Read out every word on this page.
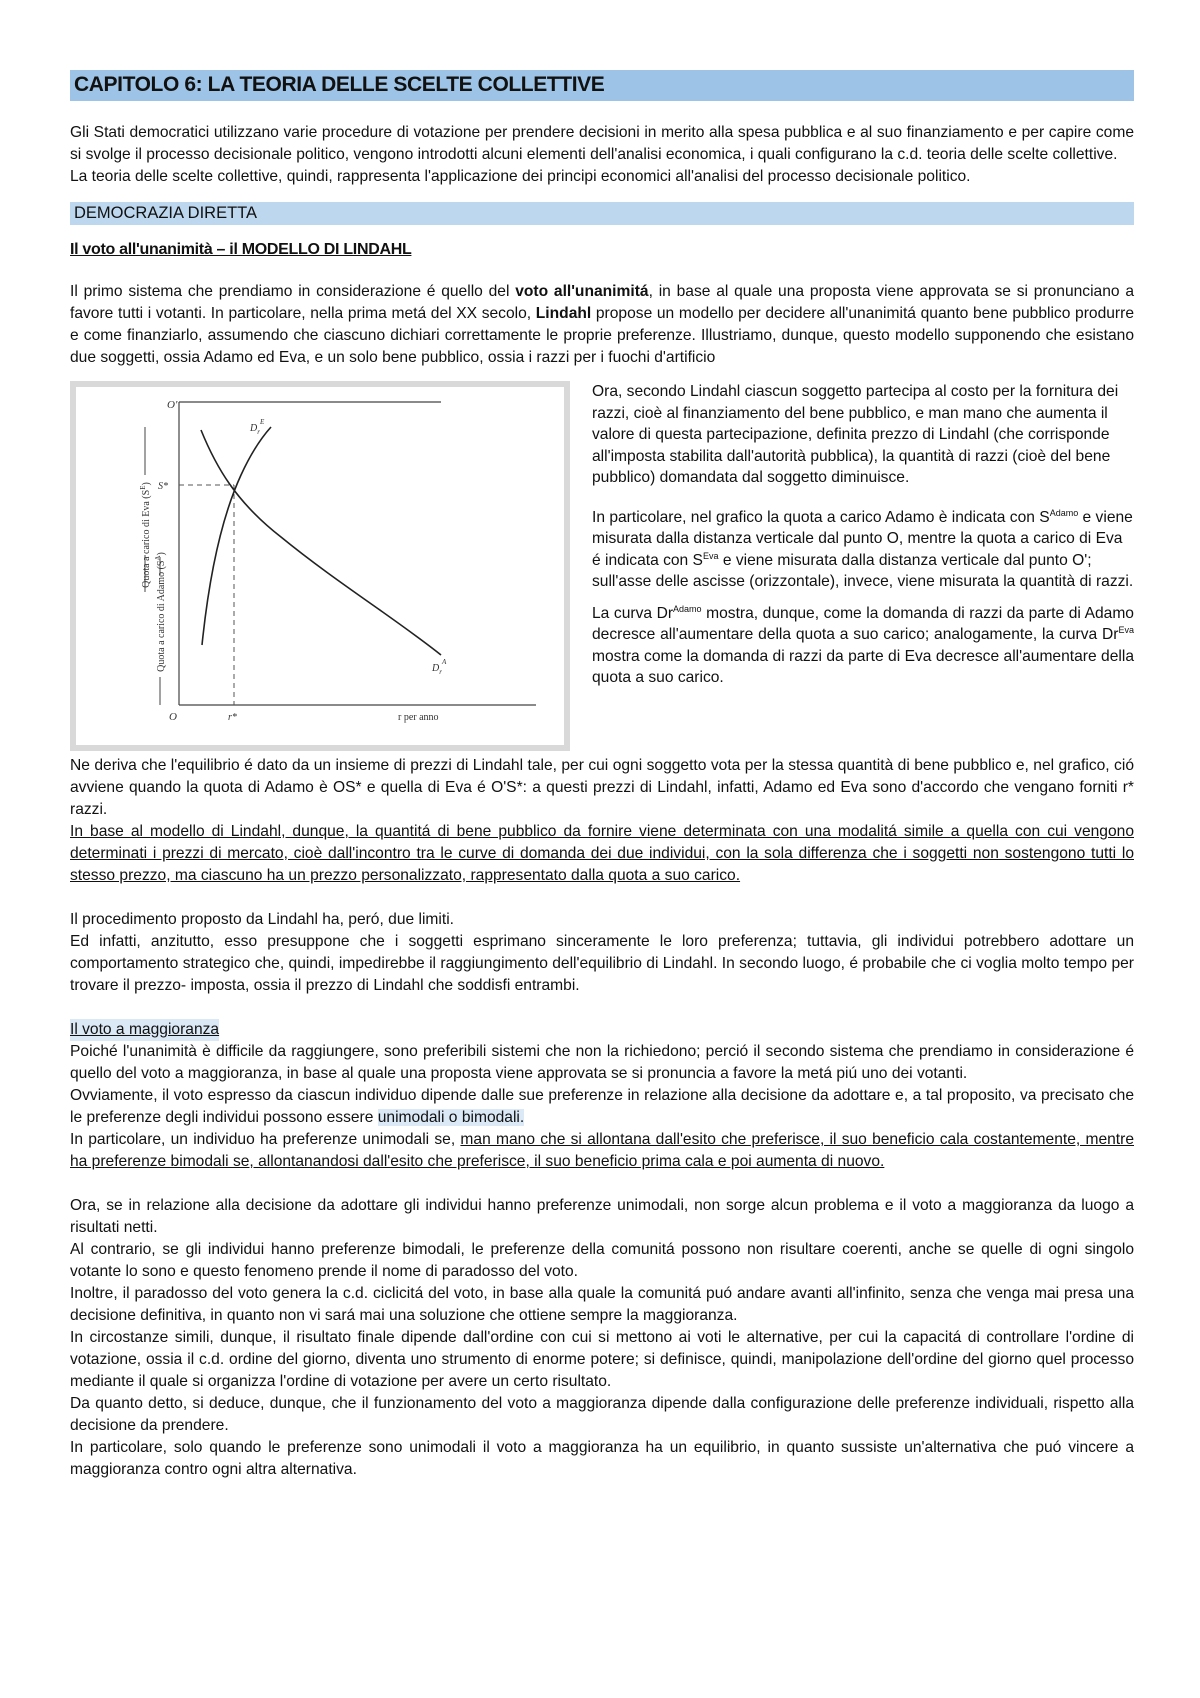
CAPITOLO 6: LA TEORIA DELLE SCELTE COLLETTIVE

Gli Stati democratici utilizzano varie procedure di votazione per prendere decisioni in merito alla spesa pubblica e al suo finanziamento e per capire come si svolge il processo decisionale politico, vengono introdotti alcuni elementi dell'analisi economica, i quali configurano la c.d. teoria delle scelte collettive.

La teoria delle scelte collettive, quindi, rappresenta l'applicazione dei principi economici all'analisi del processo decisionale politico.

DEMOCRAZIA DIRETTA
Il voto all'unanimità – il MODELLO DI LINDAHL

Il primo sistema che prendiamo in considerazione é quello del voto all'unanimitá, in base al quale una proposta viene approvata se si pronunciano a favore tutti i votanti. In particolare, nella prima metá del XX secolo, Lindahl propose un modello per decidere all'unanimitá quanto bene pubblico produrre e come finanziarlo, assumendo che ciascuno dichiari correttamente le proprie preferenze. Illustriamo, dunque, questo modello supponendo che esistano due soggetti, ossia Adamo ed Eva, e un solo bene pubblico, ossia i razzi per i fuochi d'artificio

O'
O
S*
r*	r per anno
$D_r^E$
$D_r^A$
Quota a carico di Eva $(S^E)$
Quota a carico di Adamo $(S^A)$

Ora, secondo Lindahl ciascun soggetto partecipa al costo per la fornitura dei razzi, cioè al finanziamento del bene pubblico, e man mano che aumenta il valore di questa partecipazione, definita prezzo di Lindahl (che corrisponde all'imposta stabilita dall'autorità pubblica), la quantità di razzi (cioè del bene pubblico) domandata dal soggetto diminuisce.

In particolare, nel grafico la quota a carico Adamo è indicata con $S^{Adamo}$ e viene misurata dalla distanza verticale dal punto O, mentre la quota a carico di Eva é indicata con $S^{Eva}$ e viene misurata dalla distanza verticale dal punto O'; sull'asse delle ascisse (orizzontale), invece, viene misurata la quantità di razzi.

La curva $Dr^{Adamo}$ mostra, dunque, come la domanda di razzi da parte di Adamo decresce all'aumentare della quota a suo carico; analogamente, la curva $Dr^{Eva}$ mostra come la domanda di razzi da parte di Eva decresce all'aumentare della quota a suo carico.

Ne deriva che l'equilibrio é dato da un insieme di prezzi di Lindahl tale, per cui ogni soggetto vota per la stessa quantità di bene pubblico e, nel grafico, ció avviene quando la quota di Adamo è OS* e quella di Eva é O'S*: a questi prezzi di Lindahl, infatti, Adamo ed Eva sono d'accordo che vengano forniti r* razzi.

In base al modello di Lindahl, dunque, la quantitá di bene pubblico da fornire viene determinata con una modalitá simile a quella con cui vengono determinati i prezzi di mercato, cioè dall'incontro tra le curve di domanda dei due individui, con la sola differenza che i soggetti non sostengono tutti lo stesso prezzo, ma ciascuno ha un prezzo personalizzato, rappresentato dalla quota a suo carico.

Il procedimento proposto da Lindahl ha, peró, due limiti.

Ed infatti, anzitutto, esso presuppone che i soggetti esprimano sinceramente le loro preferenza; tuttavia, gli individui potrebbero adottare un comportamento strategico che, quindi, impedirebbe il raggiungimento dell'equilibrio di Lindahl. In secondo luogo, é probabile che ci voglia molto tempo per trovare il prezzo- imposta, ossia il prezzo di Lindahl che soddisfi entrambi.

Il voto a maggioranza

Poiché l'unanimità è difficile da raggiungere, sono preferibili sistemi che non la richiedono; perció il secondo sistema che prendiamo in considerazione é quello del voto a maggioranza, in base al quale una proposta viene approvata se si pronuncia a favore la metá piú uno dei votanti.

Ovviamente, il voto espresso da ciascun individuo dipende dalle sue preferenze in relazione alla decisione da adottare e, a tal proposito, va precisato che le preferenze degli individui possono essere unimodali o bimodali.

In particolare, un individuo ha preferenze unimodali se, man mano che si allontana dall'esito che preferisce, il suo beneficio cala costantemente, mentre ha preferenze bimodali se, allontanandosi dall'esito che preferisce, il suo beneficio prima cala e poi aumenta di nuovo.

Ora, se in relazione alla decisione da adottare gli individui hanno preferenze unimodali, non sorge alcun problema e il voto a maggioranza da luogo a risultati netti.

Al contrario, se gli individui hanno preferenze bimodali, le preferenze della comunitá possono non risultare coerenti, anche se quelle di ogni singolo votante lo sono e questo fenomeno prende il nome di paradosso del voto.

Inoltre, il paradosso del voto genera la c.d. ciclicitá del voto, in base alla quale la comunitá puó andare avanti all'infinito, senza che venga mai presa una decisione definitiva, in quanto non vi sará mai una soluzione che ottiene sempre la maggioranza.

In circostanze simili, dunque, il risultato finale dipende dall'ordine con cui si mettono ai voti le alternative, per cui la capacitá di controllare l'ordine di votazione, ossia il c.d. ordine del giorno, diventa uno strumento di enorme potere; si definisce, quindi, manipolazione dell'ordine del giorno quel processo mediante il quale si organizza l'ordine di votazione per avere un certo risultato.

Da quanto detto, si deduce, dunque, che il funzionamento del voto a maggioranza dipende dalla configurazione delle preferenze individuali, rispetto alla decisione da prendere.

In particolare, solo quando le preferenze sono unimodali il voto a maggioranza ha un equilibrio, in quanto sussiste un'alternativa che puó vincere a maggioranza contro ogni altra alternativa.
